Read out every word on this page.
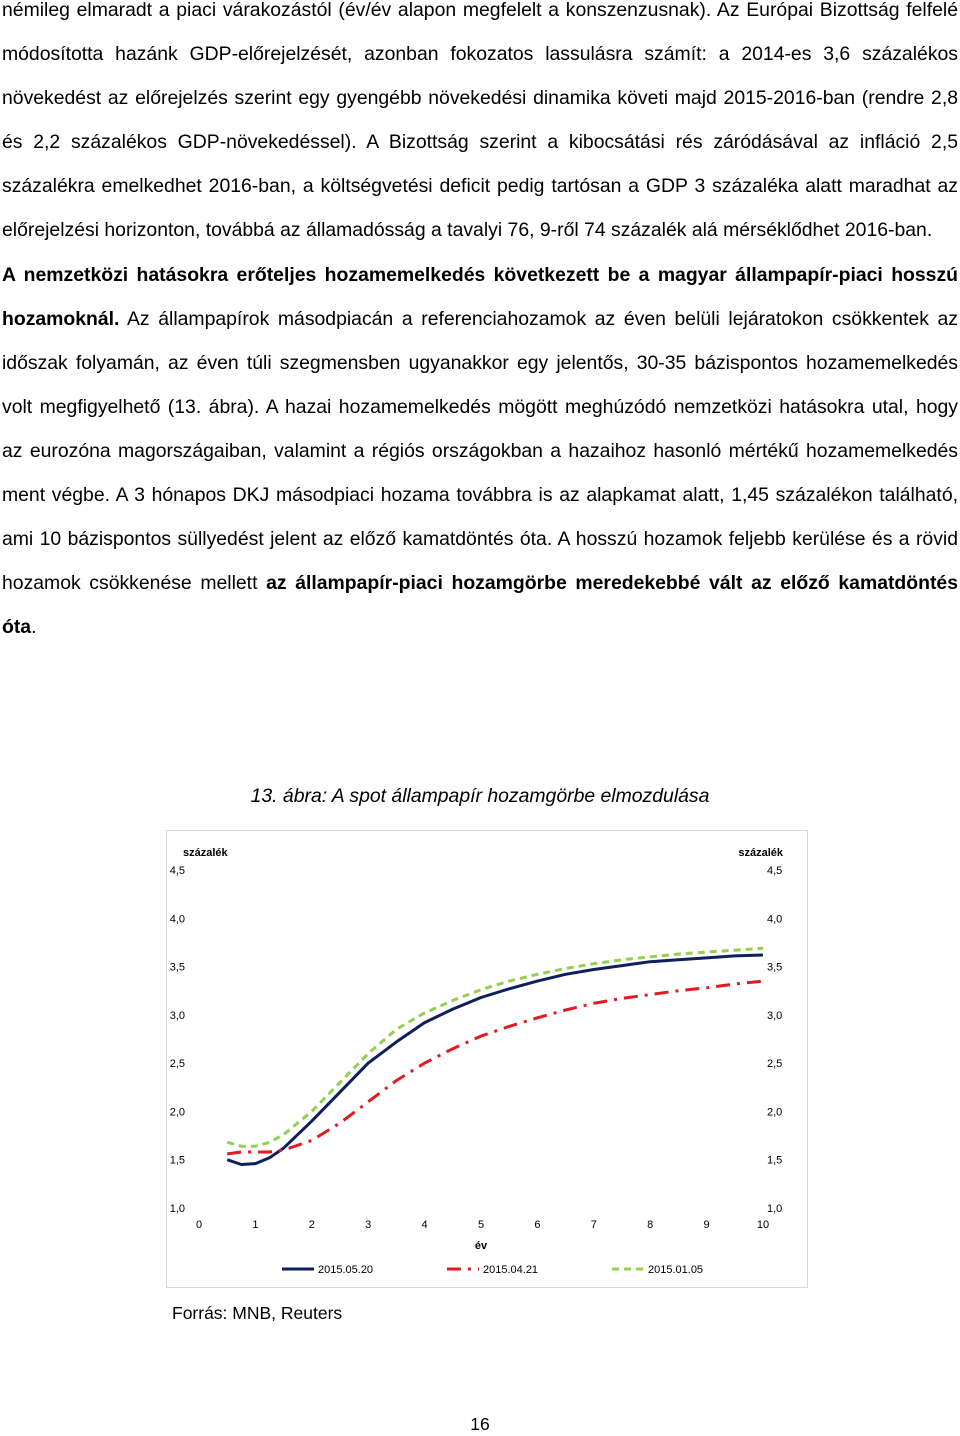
némileg elmaradt a piaci várakozástól (év/év alapon megfelelt a konszenzusnak). Az Európai Bizottság felfelé módosította hazánk GDP-előrejelzését, azonban fokozatos lassulásra számít: a 2014-es 3,6 százalékos növekedést az előrejelzés szerint egy gyengébb növekedési dinamika követi majd 2015-2016-ban (rendre 2,8 és 2,2 százalékos GDP-növekedéssel). A Bizottság szerint a kibocsátási rés záródásával az infláció 2,5 százalékra emelkedhet 2016-ban, a költségvetési deficit pedig tartósan a GDP 3 százaléka alatt maradhat az előrejelzési horizonton, továbbá az államadósság a tavalyi 76, 9-ről 74 százalék alá mérséklődhet 2016-ban.

A nemzetközi hatásokra erőteljes hozamemelkedés következett be a magyar állampapír-piaci hosszú hozamoknál. Az állampapírok másodpiacán a referenciahozamok az éven belüli lejáratokon csökkentek az időszak folyamán, az éven túli szegmensben ugyanakkor egy jelentős, 30-35 bázispontos hozamemelkedés volt megfigyelhető (13. ábra). A hazai hozamemelkedés mögött meghúzódó nemzetközi hatásokra utal, hogy az eurozóna magországaiban, valamint a régiós országokban a hazaihoz hasonló mértékű hozamemelkedés ment végbe. A 3 hónapos DKJ másodpiaci hozama továbbra is az alapkamat alatt, 1,45 százalékon található, ami 10 bázispontos süllyedést jelent az előző kamatdöntés óta. A hosszú hozamok feljebb kerülése és a rövid hozamok csökkenése mellett az állampapír-piaci hozamgörbe meredekebbé vált az előző kamatdöntés óta.

13. ábra: A spot állampapír hozamgörbe elmozdulása
százalék	százalék
1,0	1,0
1,5	1,5
2,0	2,0
2,5	2,5
3,0	3,0
3,5	3,5
4,0	4,0
4,5	4,5
0	1	2	3	4	5	6	7	8	9	10
év
2015.05.20	2015.04.21	2015.01.05
Forrás: MNB, Reuters
16
